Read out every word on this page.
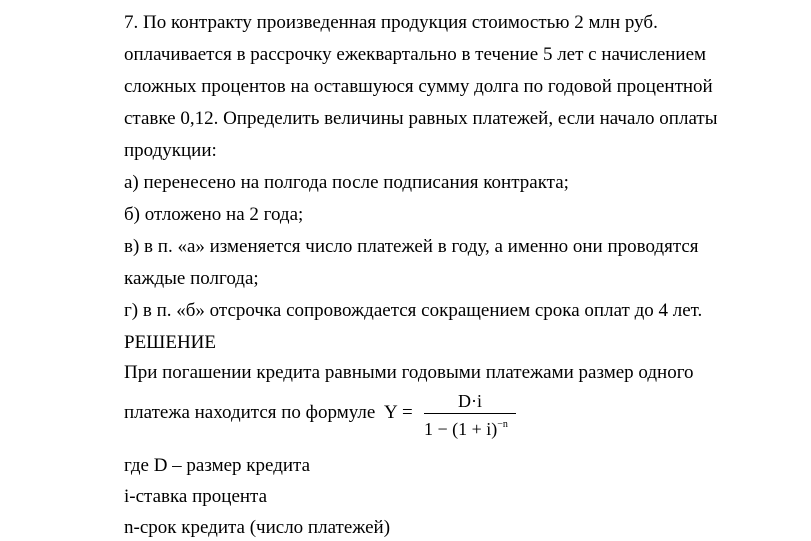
7. По контракту произведенная продукция стоимостью 2 млн руб.
оплачивается в рассрочку ежеквартально в течение 5 лет с начислением
сложных процентов на оставшуюся сумму долга по годовой процентной
ставке 0,12. Определить величины равных платежей, если начало оплаты
продукции:
а) перенесено на полгода после подписания контракта;
б) отложено на 2 года;
в) в п. «а» изменяется число платежей в году, а именно они проводятся
каждые полгода;
г) в п. «б» отсрочка сопровождается сокращением срока оплат до 4 лет.
РЕШЕНИЕ
При погашении кредита равными годовыми платежами размер одного
платежа находится по формуле Y =
D·i
$1 - (1 + i)^{-n}$
где D – размер кредита
i-ставка процента
n-срок кредита (число платежей)
